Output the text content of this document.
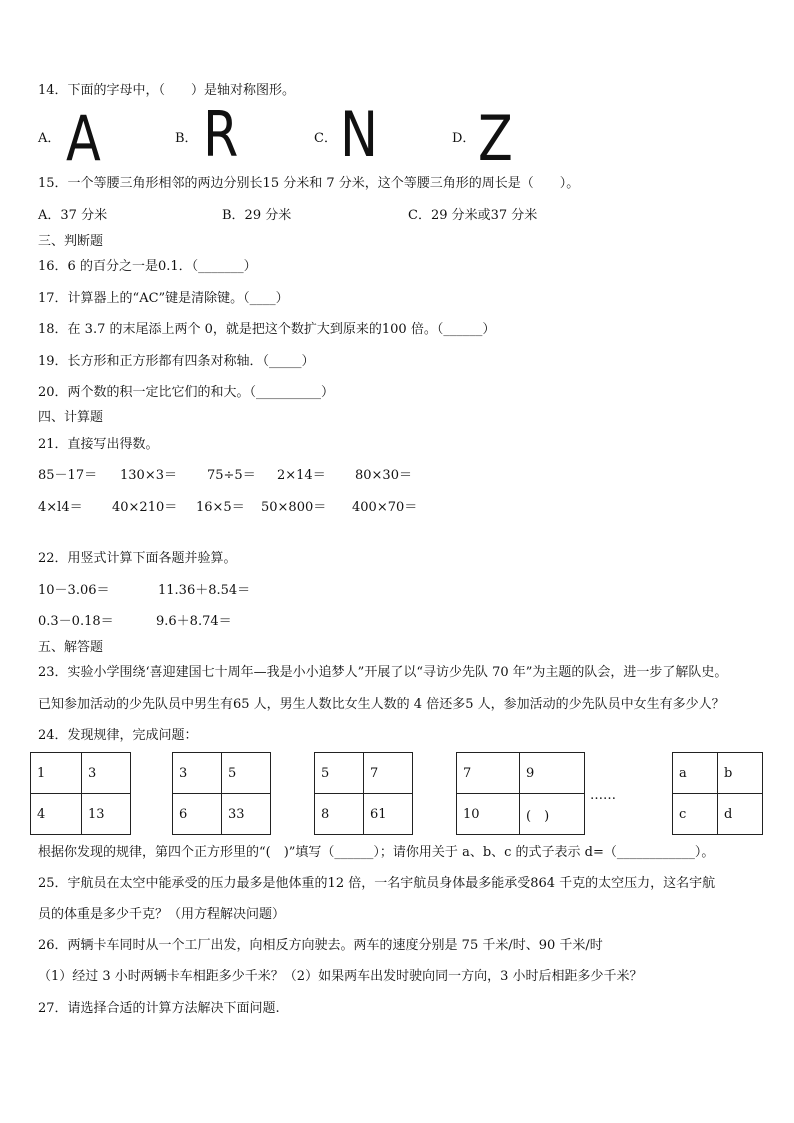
14．下面的字母中，（　　）是轴对称图形。
A． A	B． R	C． N	D． Z
15．一个等腰三角形相邻的两边分别长15 分米和 7 分米，这个等腰三角形的周长是（　　）。
A．37 分米	B．29 分米	C．29 分米或37 分米
三、判断题
16．6 的百分之一是0.1．（_______）
17．计算器上的“AC”键是清除键。（____）
18．在 3.7 的末尾添上两个 0，就是把这个数扩大到原来的100 倍。（______）
19．长方形和正方形都有四条对称轴．（_____）
20．两个数的积一定比它们的和大。（__________）
四、计算题
21．直接写出得数。
85－17＝ 130×3＝ 75÷5＝ 2×14＝ 80×30＝
4×l4＝ 40×210＝ 16×5＝ 50×800＝ 400×70＝
22．用竖式计算下面各题并验算。
10－3.06＝	11.36＋8.54＝
0.3－0.18＝	9.6＋8.74＝
五、解答题
23．实验小学围绕‘喜迎建国七十周年—我是小小追梦人”开展了以“寻访少先队 70 年”为主题的队会，进一步了解队史。
已知参加活动的少先队员中男生有65 人，男生人数比女生人数的 4 倍还多5 人，参加活动的少先队员中女生有多少人？
24．发现规律，完成问题：
1	3
4	13
3	5
6	33
5	7
8	61
7	9
10	(　)
……
a	b
c	d
根据你发现的规律，第四个正方形里的“(　)”填写（______）；请你用关于 a、b、c 的式子表示 d=（____________）。
25．宇航员在太空中能承受的压力最多是他体重的12 倍，一名宇航员身体最多能承受864 千克的太空压力，这名宇航
员的体重是多少千克？（用方程解决问题）
26．两辆卡车同时从一个工厂出发，向相反方向驶去。两车的速度分别是 75 千米/时、90 千米/时
（1）经过 3 小时两辆卡车相距多少千米？（2）如果两车出发时驶向同一方向，3 小时后相距多少千米？
27．请选择合适的计算方法解决下面问题.
